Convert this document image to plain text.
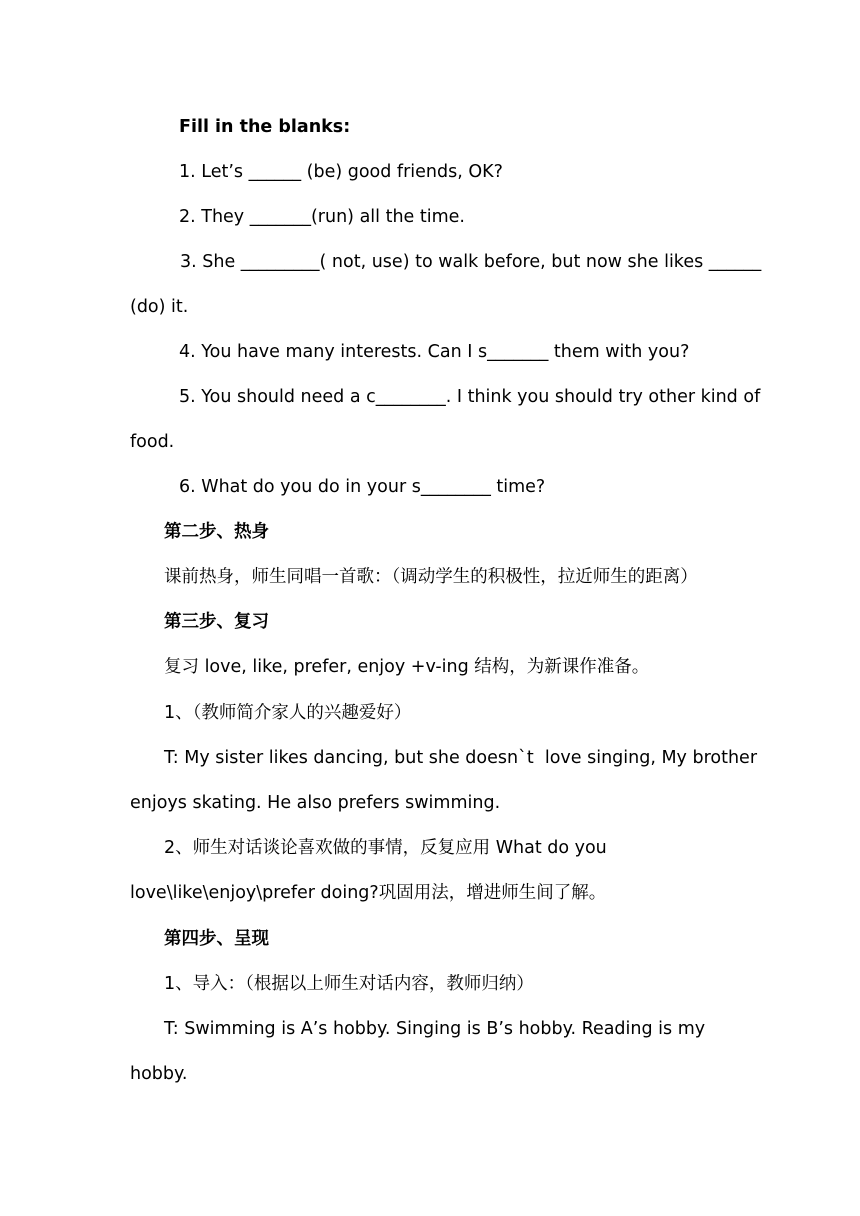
Fill in the blanks:
1. Let’s ______ (be) good friends, OK?
2. They _______(run) all the time.
3. She _________( not, use) to walk before, but now she likes ______
(do) it.
4. You have many interests. Can I s_______ them with you?
5. You should need a c________. I think you should try other kind of
food.
6. What do you do in your s________ time?
第二步、热身
课前热身，师生同唱一首歌：（调动学生的积极性，拉近师生的距离）
第三步、复习
复习 love, like, prefer, enjoy +v-ing 结构，为新课作准备。
1、（教师简介家人的兴趣爱好）
T: My sister likes dancing, but she doesn`t  love singing, My brother
enjoys skating. He also prefers swimming.
2、师生对话谈论喜欢做的事情，反复应用 What do you
love\like\enjoy\prefer doing?巩固用法，增进师生间了解。
第四步、呈现
1、导入：（根据以上师生对话内容，教师归纳）
T: Swimming is A’s hobby. Singing is B’s hobby. Reading is my
hobby.
